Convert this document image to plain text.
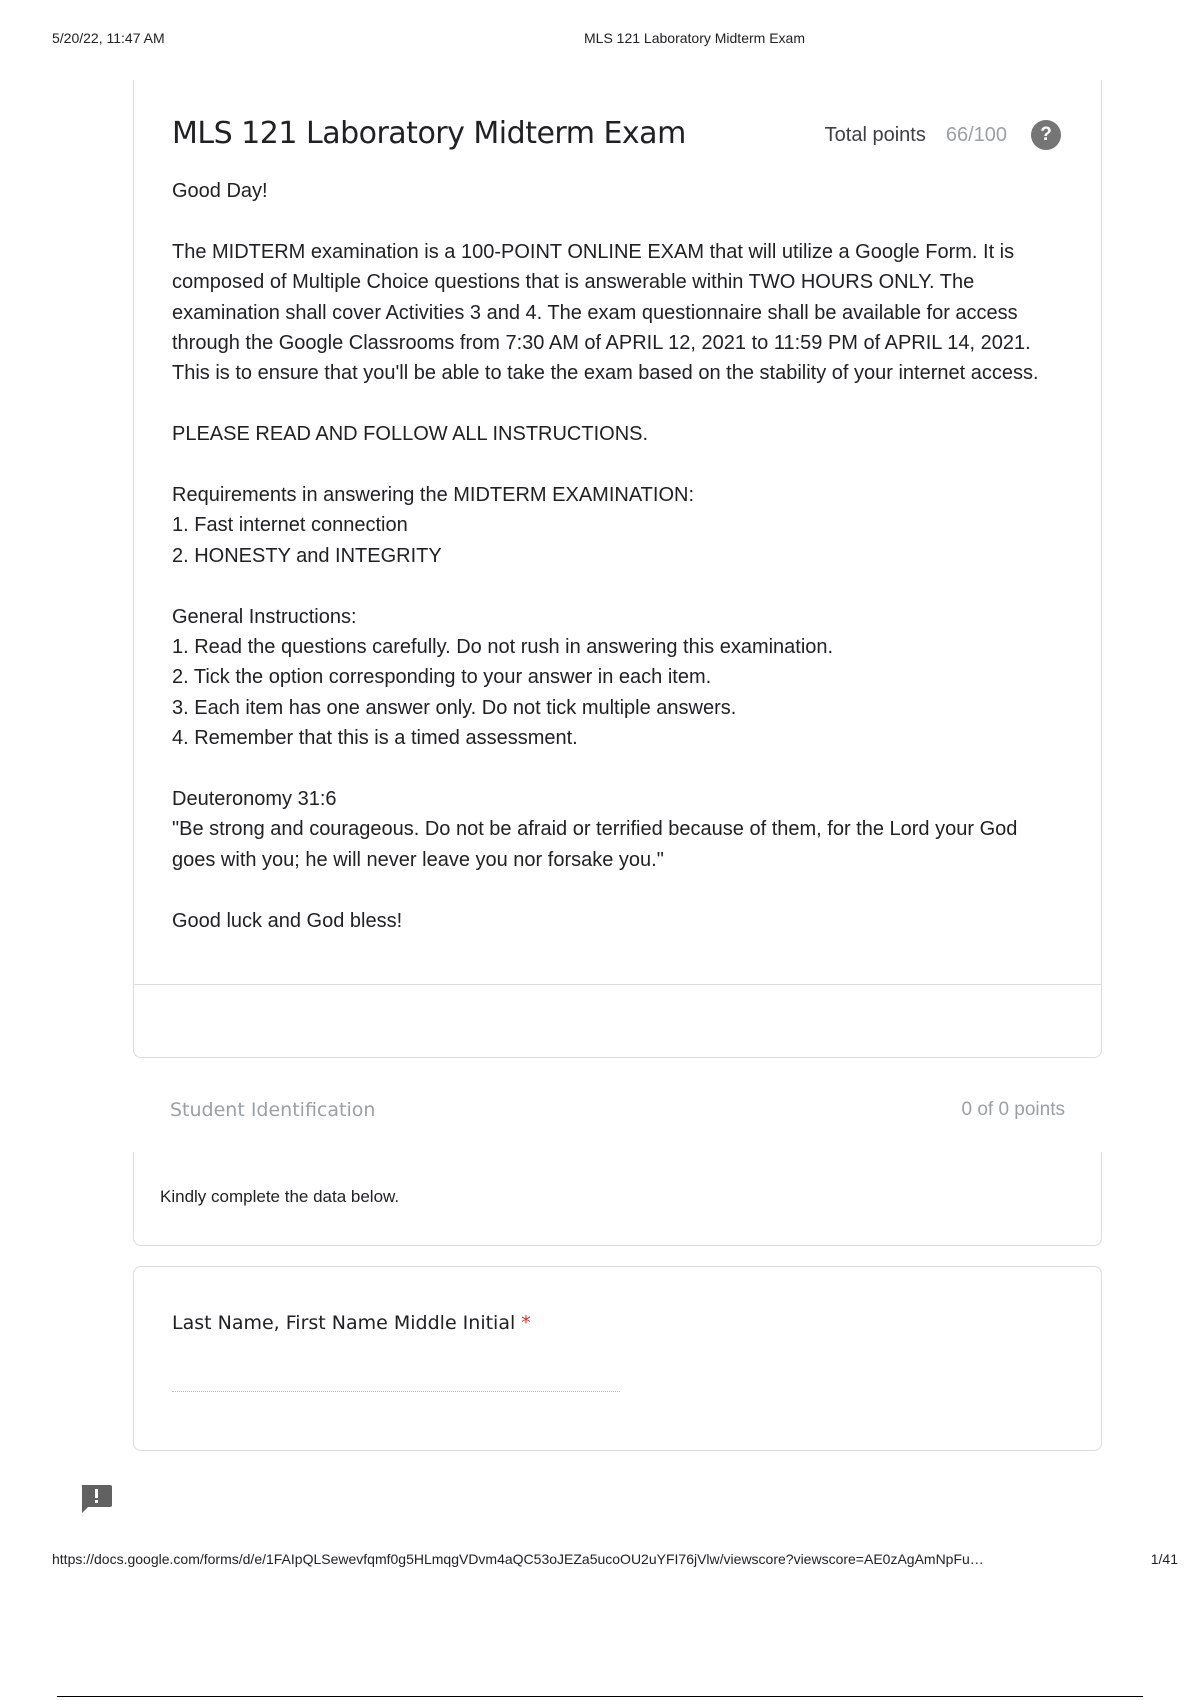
5/20/22, 11:47 AM	MLS 121 Laboratory Midterm Exam
MLS 121 Laboratory Midterm Exam	Total points 66/100	?

Good Day!

The MIDTERM examination is a 100-POINT ONLINE EXAM that will utilize a Google Form. It is composed of Multiple Choice questions that is answerable within TWO HOURS ONLY. The examination shall cover Activities 3 and 4. The exam questionnaire shall be available for access through the Google Classrooms from 7:30 AM of APRIL 12, 2021 to 11:59 PM of APRIL 14, 2021. This is to ensure that you'll be able to take the exam based on the stability of your internet access.

PLEASE READ AND FOLLOW ALL INSTRUCTIONS.

Requirements in answering the MIDTERM EXAMINATION:

1. Fast internet connection

2. HONESTY and INTEGRITY

General Instructions:

1. Read the questions carefully. Do not rush in answering this examination.

2. Tick the option corresponding to your answer in each item.

3. Each item has one answer only. Do not tick multiple answers.

4. Remember that this is a timed assessment.

Deuteronomy 31:6

"Be strong and courageous. Do not be afraid or terrified because of them, for the Lord your God goes with you; he will never leave you nor forsake you."

Good luck and God bless!

Student Identification	0 of 0 points
Kindly complete the data below.
Last Name, First Name Middle Initial *
https://docs.google.com/forms/d/e/1FAIpQLSewevfqmf0g5HLmqgVDvm4aQC53oJEZa5ucoOU2uYFI76jVlw/viewscore?viewscore=AE0zAgAmNpFu…	1/41
